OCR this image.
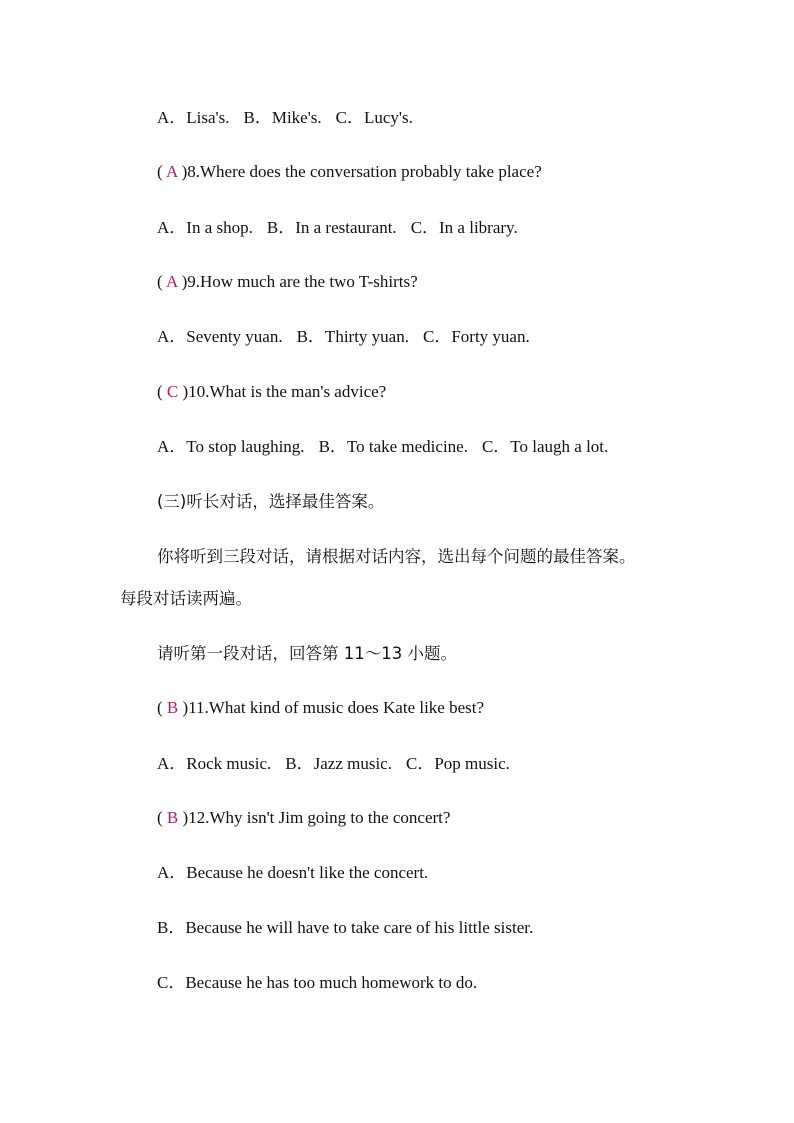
A．Lisa's. B．Mike's. C．Lucy's.
( A )8.Where does the conversation probably take place?
A．In a shop. B．In a restaurant. C．In a library.
( A )9.How much are the two T-shirts?
A．Seventy yuan. B．Thirty yuan. C．Forty yuan.
( C )10.What is the man's advice?
A．To stop laughing. B．To take medicine. C．To laugh a lot.
(三)听长对话，选择最佳答案。
你将听到三段对话，请根据对话内容，选出每个问题的最佳答案。
每段对话读两遍。
请听第一段对话，回答第 11～13 小题。
( B )11.What kind of music does Kate like best?
A．Rock music. B．Jazz music. C．Pop music.
( B )12.Why isn't Jim going to the concert?
A．Because he doesn't like the concert.
B．Because he will have to take care of his little sister.
C．Because he has too much homework to do.
